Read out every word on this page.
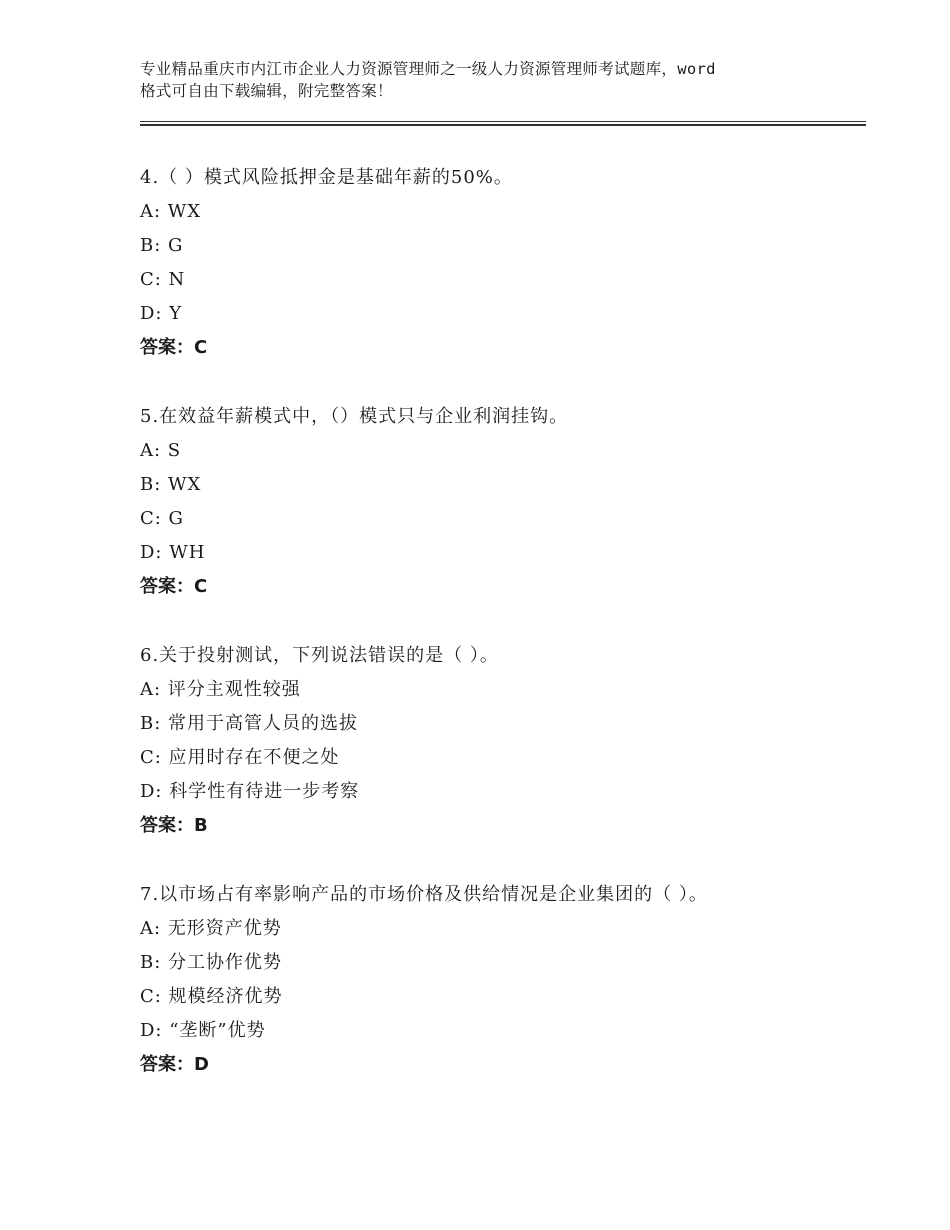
专业精品重庆市内江市企业人力资源管理师之一级人力资源管理师考试题库，word
格式可自由下载编辑，附完整答案！
4.（ ）模式风险抵押金是基础年薪的50%。
A: WX
B: G
C: N
D: Y
答案：C
5.在效益年薪模式中，（）模式只与企业利润挂钩。
A: S
B: WX
C: G
D: WH
答案：C
6.关于投射测试，下列说法错误的是（ ）。
A: 评分主观性较强
B: 常用于高管人员的选拔
C: 应用时存在不便之处
D: 科学性有待进一步考察
答案：B
7.以市场占有率影响产品的市场价格及供给情况是企业集团的（ ）。
A: 无形资产优势
B: 分工协作优势
C: 规模经济优势
D: “垄断”优势
答案：D
